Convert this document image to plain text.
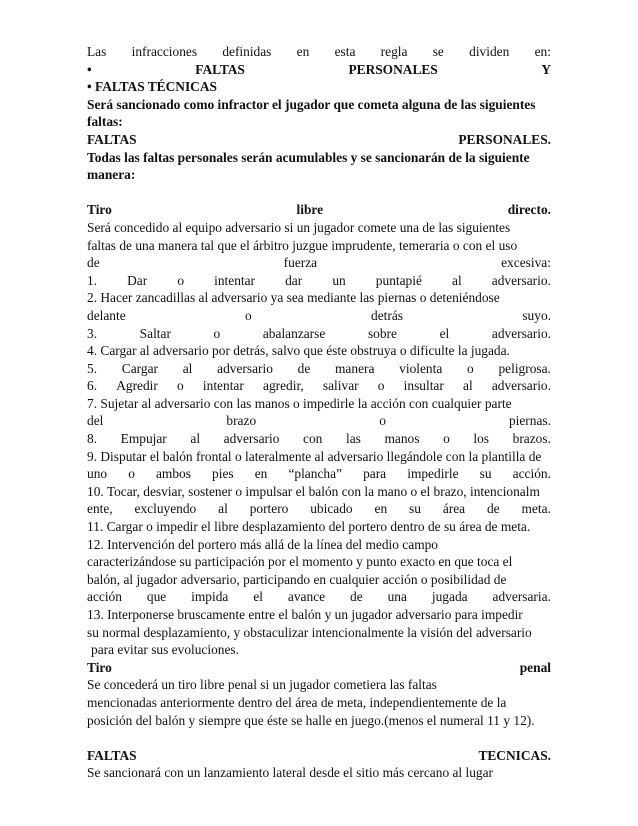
Las infracciones definidas en esta regla se dividen en:
•	FALTAS	PERSONALES	Y
• FALTAS TÉCNICAS
Será sancionado como infractor el jugador que cometa alguna de las siguientes
faltas:
FALTAS	PERSONALES.
Todas las faltas personales serán acumulables y se sancionarán de la siguiente
manera:
Tiro	libre	directo.
Será concedido al equipo adversario si un jugador comete una de las siguientes
faltas de una manera tal que el árbitro juzgue imprudente, temeraria o con el uso
de	fuerza	excesiva:
1. Dar o intentar dar un puntapié al adversario.
2. Hacer zancadillas al adversario ya sea mediante las piernas o deteniéndose
delante	o	detrás	suyo.
3.	Saltar	o	abalanzarse	sobre	el	adversario.
4. Cargar al adversario por detrás, salvo que éste obstruya o dificulte la jugada.
5. Cargar al adversario de manera violenta o peligrosa.
6. Agredir o intentar agredir, salivar o insultar al adversario.
7. Sujetar al adversario con las manos o impedirle la acción con cualquier parte
del	brazo	o	piernas.
8. Empujar al adversario con las manos o los brazos.
9. Disputar el balón frontal o lateralmente al adversario llegándole con la plantilla de
uno o ambos pies en “plancha” para impedirle su acción.
10. Tocar, desviar, sostener o impulsar el balón con la mano o el brazo, intencionalm
ente, excluyendo al portero ubicado en su área de meta.
11. Cargar o impedir el libre desplazamiento del portero dentro de su área de meta.
12. Intervención del portero más allá de la línea del medio campo
caracterizándose su participación por el momento y punto exacto en que toca el
balón, al jugador adversario, participando en cualquier acción o posibilidad de
acción que impida el avance de una jugada adversaria.
13. Interponerse bruscamente entre el balón y un jugador adversario para impedir
su normal desplazamiento, y obstaculizar intencionalmente la visión del adversario
para evitar sus evoluciones.
Tiro	penal
Se concederá un tiro libre penal si un jugador cometiera las faltas
mencionadas anteriormente dentro del área de meta, independientemente de la
posición del balón y siempre que éste se halle en juego.(menos el numeral 11 y 12).
FALTAS	TECNICAS.
Se sancionará con un lanzamiento lateral desde el sitio más cercano al lugar
